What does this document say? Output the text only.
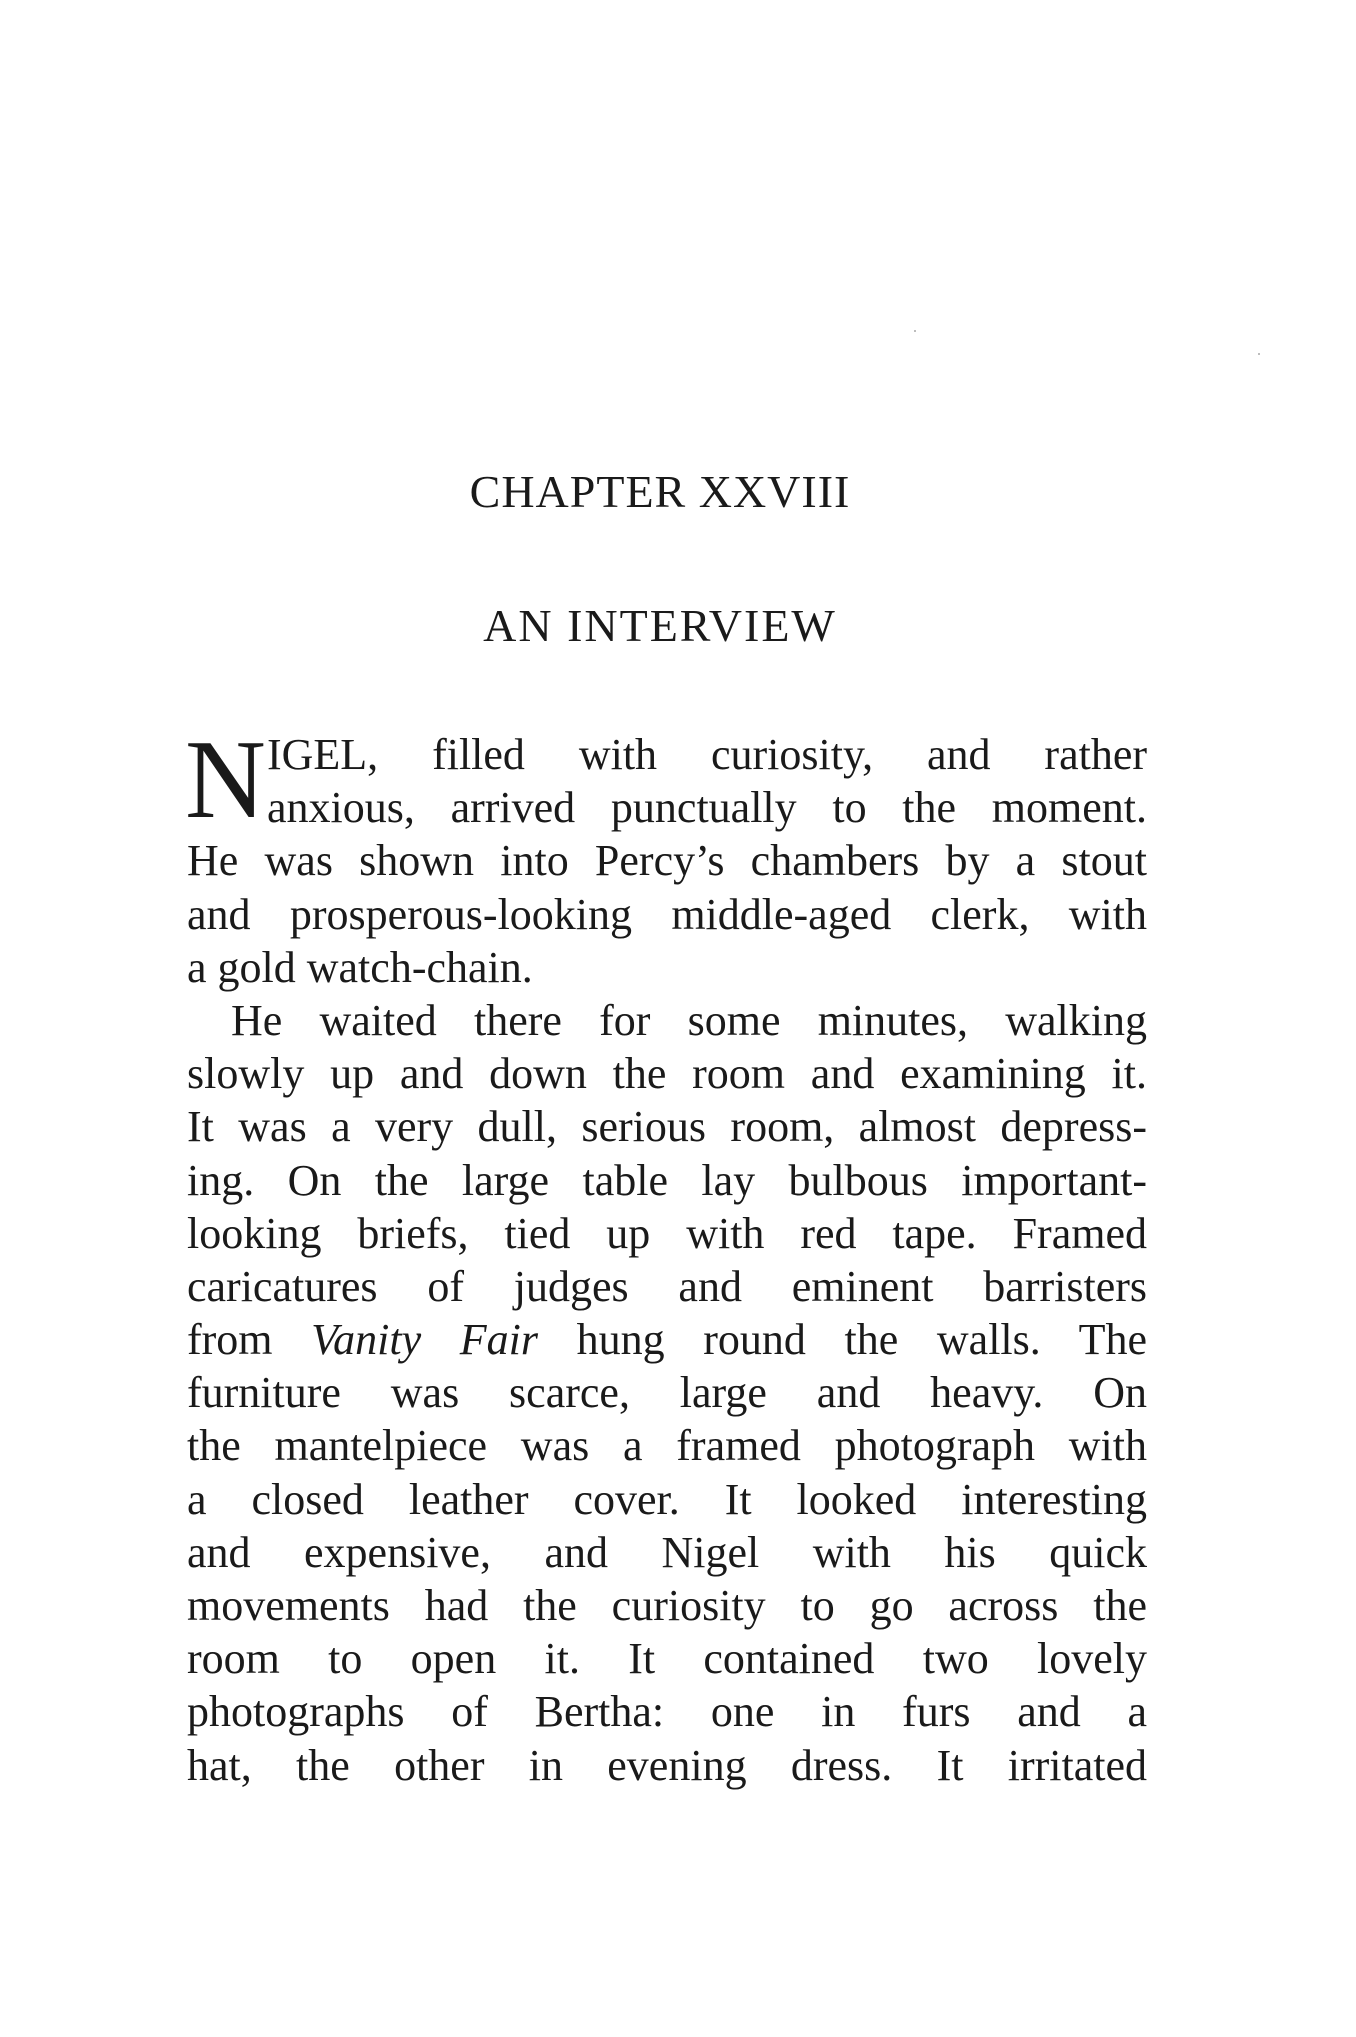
CHAPTER XXVIII
AN INTERVIEW
N IGEL, filled with curiosity, and rather
anxious, arrived punctually to the moment.
He was shown into Percy’s chambers by a stout
and prosperous-looking middle-aged clerk, with
a gold watch-chain.
He waited there for some minutes, walking
slowly up and down the room and examining it.
It was a very dull, serious room, almost depress-
ing. On the large table lay bulbous important-
looking briefs, tied up with red tape. Framed
caricatures of judges and eminent barristers
from Vanity Fair hung round the walls. The
furniture was scarce, large and heavy. On
the mantelpiece was a framed photograph with
a closed leather cover. It looked interesting
and expensive, and Nigel with his quick
movements had the curiosity to go across the
room to open it. It contained two lovely
photographs of Bertha: one in furs and a
hat, the other in evening dress. It irritated
